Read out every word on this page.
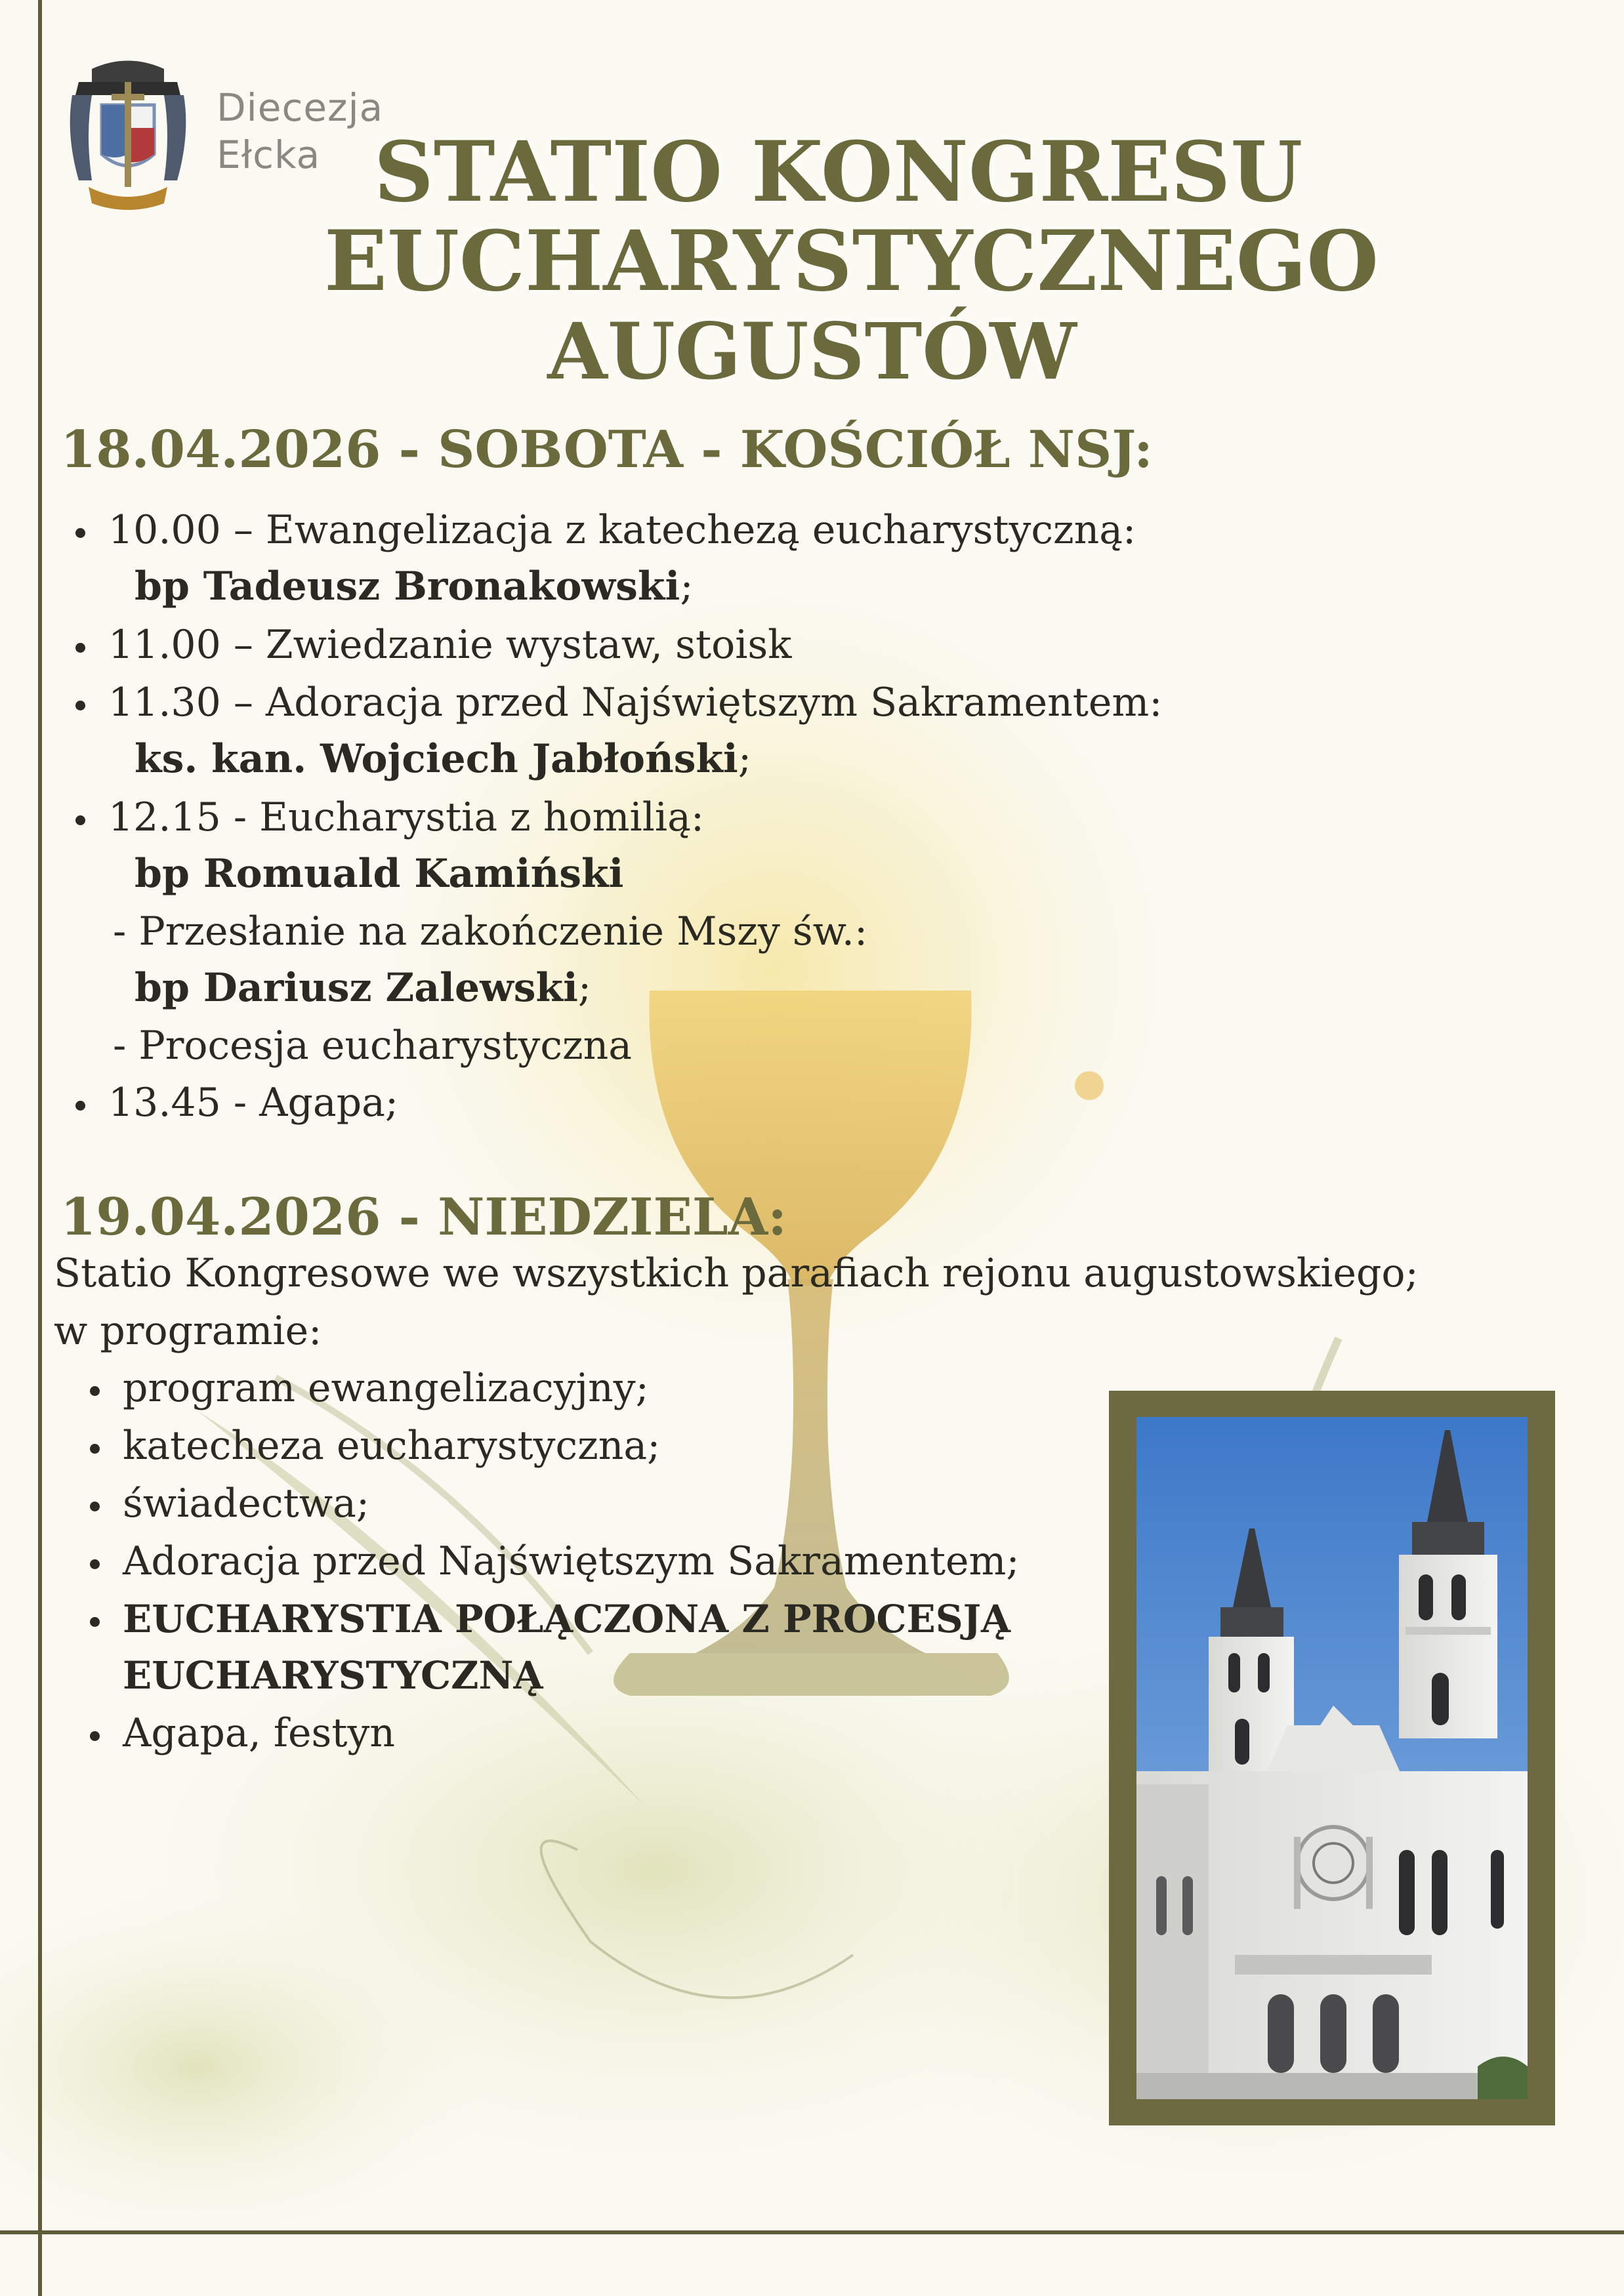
Diecezja
Ełcka STATIO KONGRESU
EUCHARYSTYCZNEGO
AUGUSTÓW
18.04.2026 - SOBOTA - KOŚCIÓŁ NSJ:
10.00 – Ewangelizacja z katechezą eucharystyczną:
bp Tadeusz Bronakowski;
11.00 – Zwiedzanie wystaw, stoisk
11.30 – Adoracja przed Najświętszym Sakramentem:
ks. kan. Wojciech Jabłoński;
12.15 - Eucharystia z homilią:
bp Romuald Kamiński
- Przesłanie na zakończenie Mszy św.:
bp Dariusz Zalewski;
- Procesja eucharystyczna
13.45 - Agapa;
19.04.2026 - NIEDZIELA:
Statio Kongresowe we wszystkich parafiach rejonu augustowskiego;
w programie:
program ewangelizacyjny;
katecheza eucharystyczna;
świadectwa;
Adoracja przed Najświętszym Sakramentem;
EUCHARYSTIA POŁĄCZONA Z PROCESJĄ
EUCHARYSTYCZNĄ
Agapa, festyn
